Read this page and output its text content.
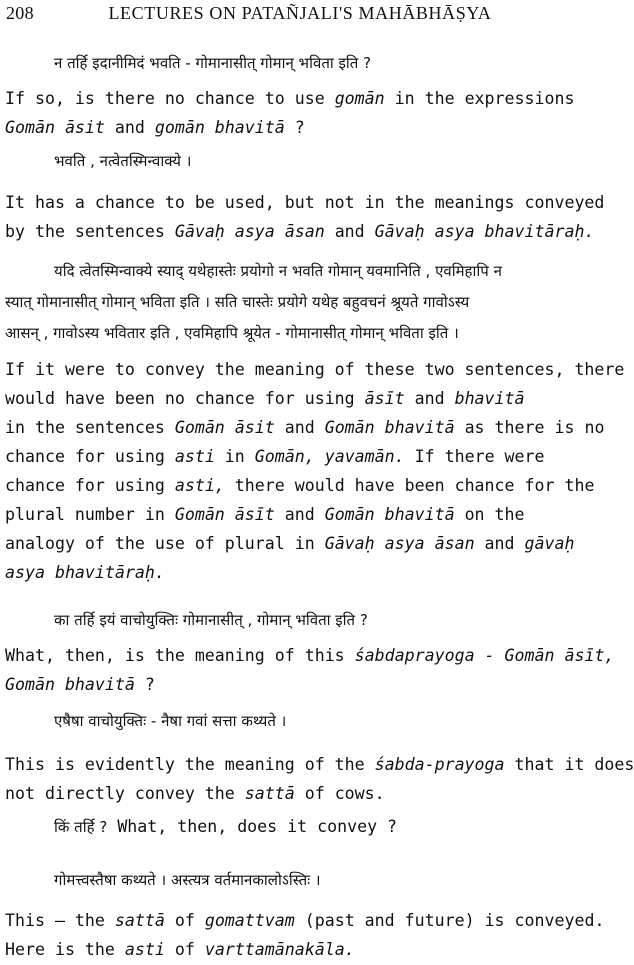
208	LECTURES ON PATAÑJALI'S MAHĀBHĀṢYA
न तर्हि इदानीमिदं भवति - गोमानासीत् गोमान् भविता इति ?
If so, is there no chance to use gomān in the expressions
Gomān āsit and gomān bhavitā ?
भवति , नत्वेतस्मिन्वाक्ये ।
It has a chance to be used, but not in the meanings conveyed
by the sentences Gāvaḥ asya āsan and Gāvaḥ asya bhavitāraḥ.
यदि त्वेतस्मिन्वाक्ये स्याद् यथेहास्तेः प्रयोगो न भवति गोमान् यवमानिति , एवमिहापि न
स्यात् गोमानासीत् गोमान् भविता इति । सति चास्तेः प्रयोगे यथेह बहुवचनं श्रूयते गावोऽस्य
आसन् , गावोऽस्य भवितार इति , एवमिहापि श्रूयेत - गोमानासीत् गोमान् भविता इति ।
If it were to convey the meaning of these two sentences, there
would have been no chance for using āsīt and bhavitā
in the sentences Gomān āsit and Gomān bhavitā as there is no
chance for using asti in Gomān, yavamān. If there were
chance for using asti, there would have been chance for the
plural number in Gomān āsīt and Gomān bhavitā on the
analogy of the use of plural in Gāvaḥ asya āsan and gāvaḥ
asya bhavitāraḥ.
का तर्हि इयं वाचोयुक्तिः गोमानासीत् , गोमान् भविता इति ?
What, then, is the meaning of this śabdaprayoga - Gomān āsīt,
Gomān bhavitā ?
एषैषा वाचोयुक्तिः - नैषा गवां सत्ता कथ्यते ।
This is evidently the meaning of the śabda-prayoga that it does
not directly convey the sattā of cows.
किं तर्हि ? What, then, does it convey ?
गोमत्त्वस्तैषा कथ्यते । अस्त्यत्र वर्तमानकालोऽस्तिः ।
This – the sattā of gomattvam (past and future) is conveyed.
Here is the asti of varttamānakāla.
